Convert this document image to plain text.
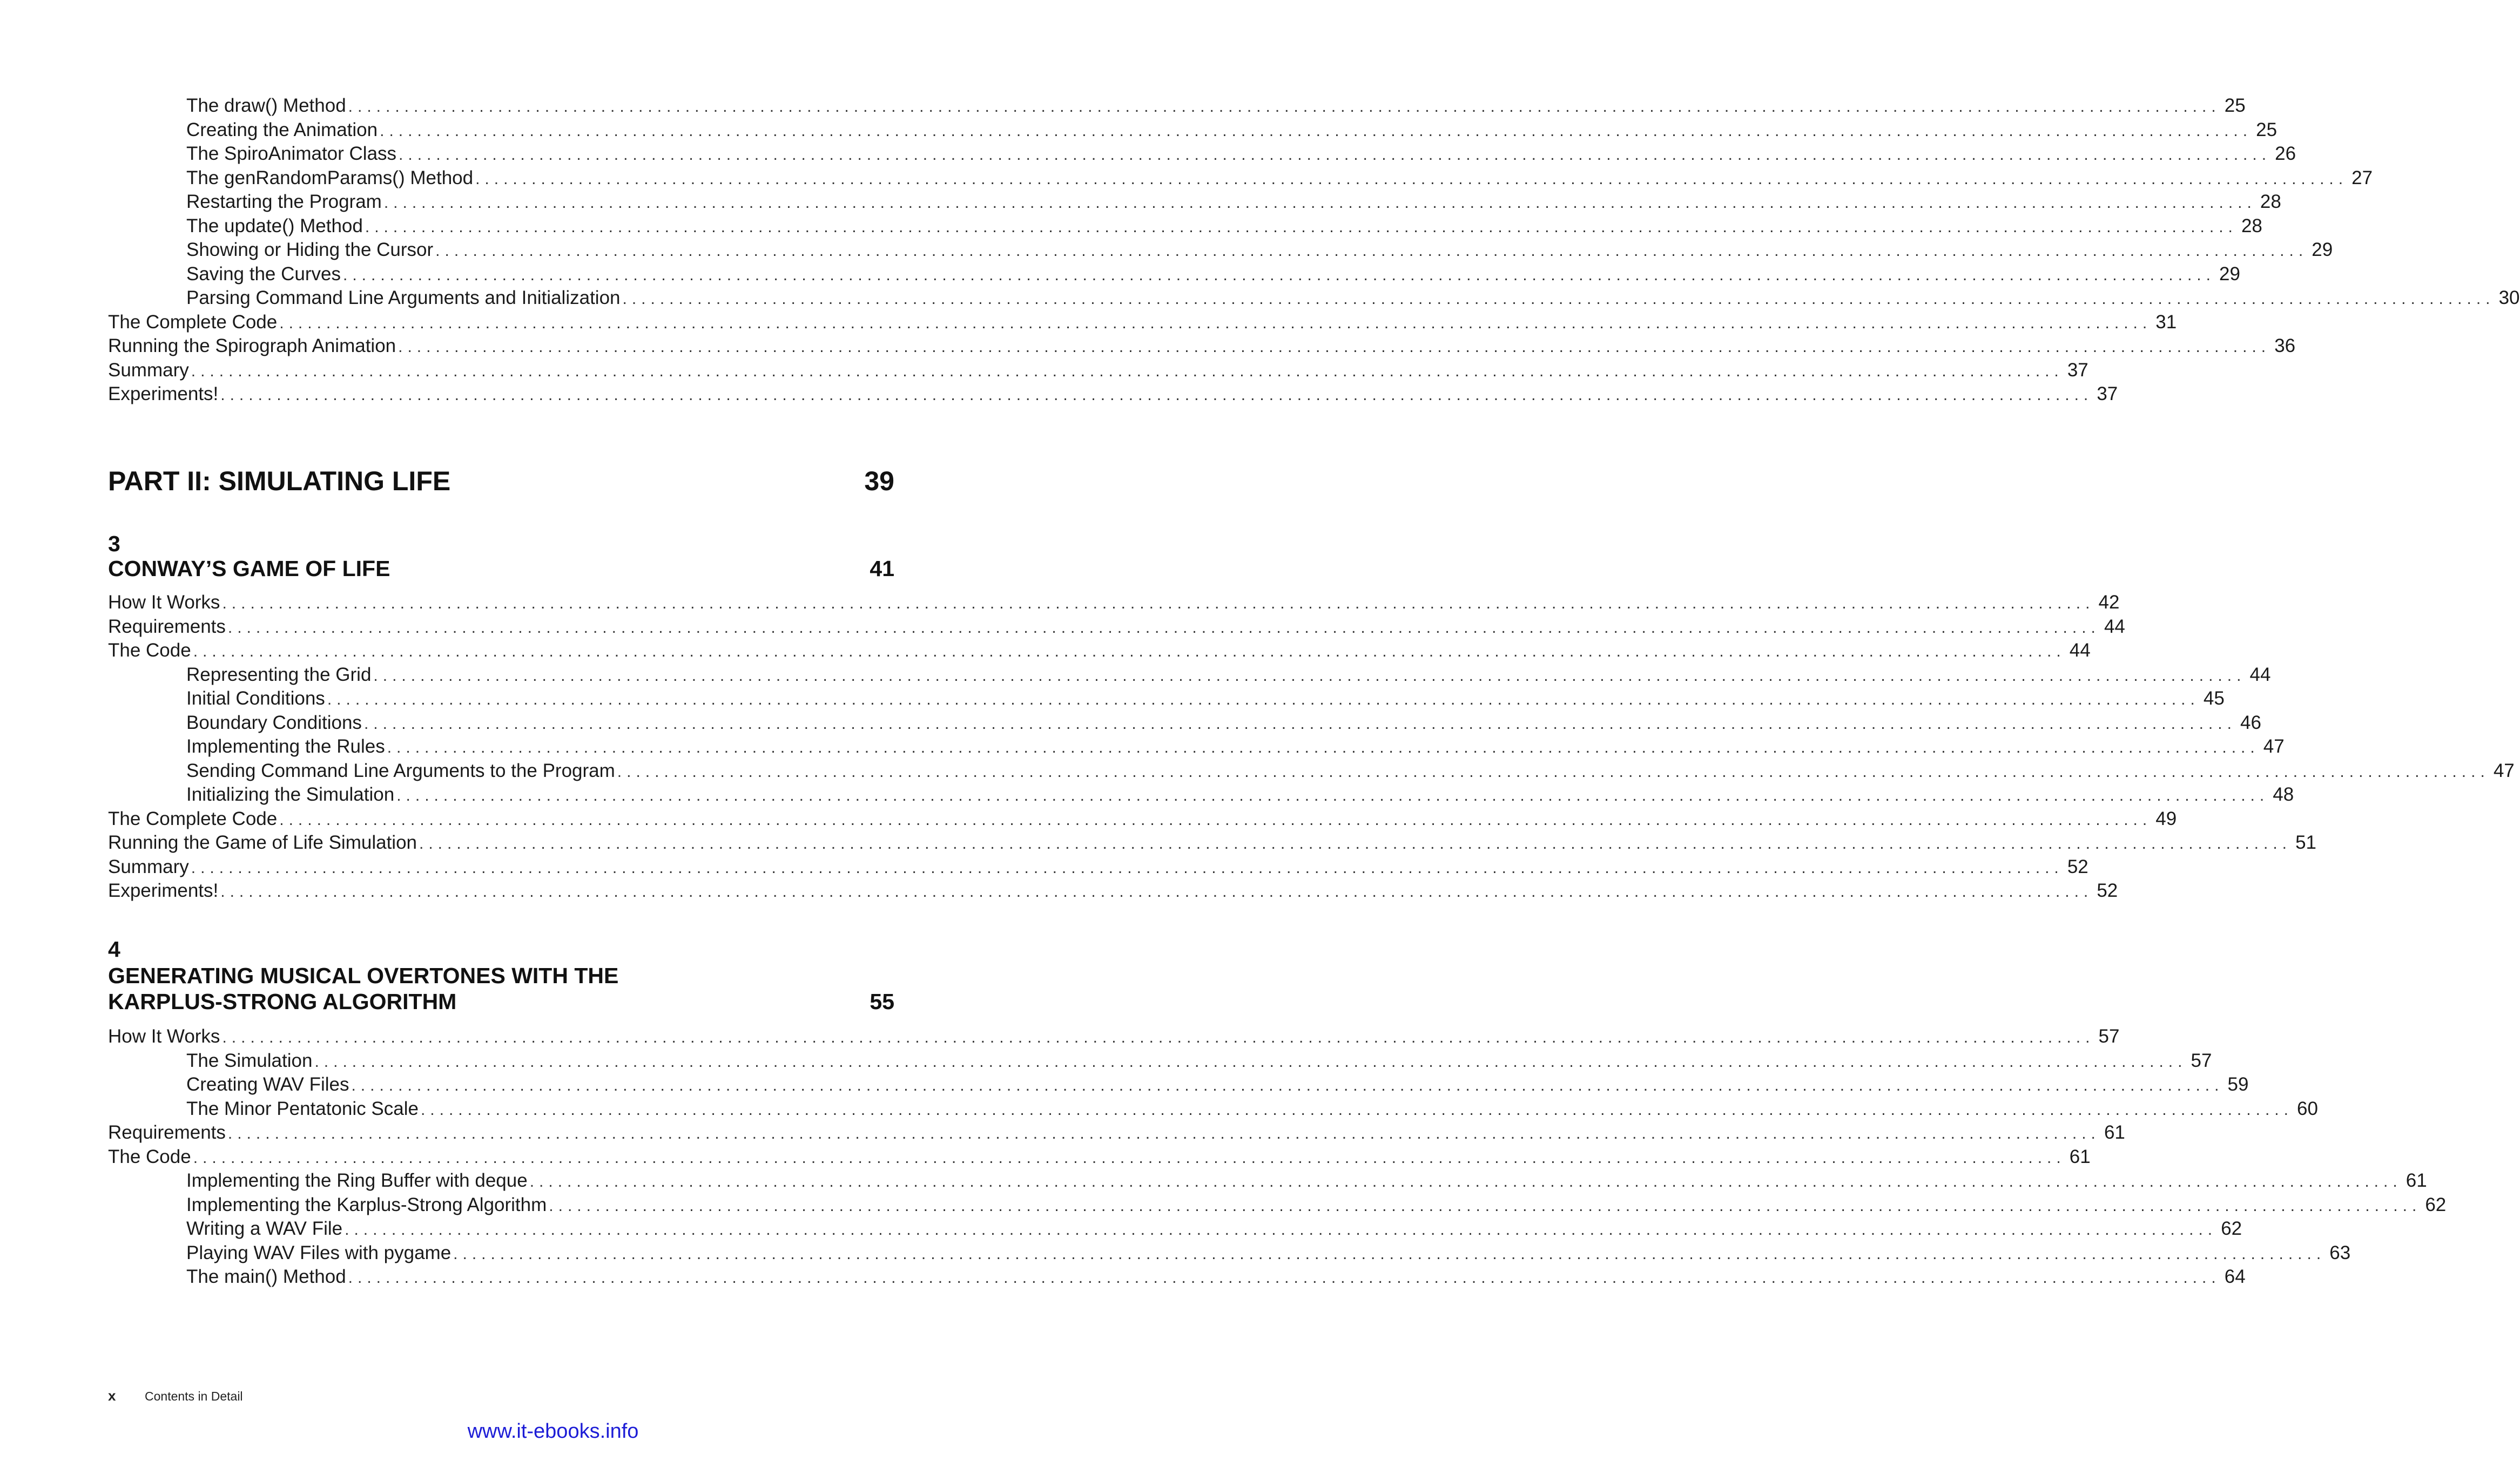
The draw() Method ........................................................................................................................................................................................................ 25
Creating the Animation ........................................................................................................................................................................................................ 25
The SpiroAnimator Class ........................................................................................................................................................................................................ 26
The genRandomParams() Method ........................................................................................................................................................................................................ 27
Restarting the Program ........................................................................................................................................................................................................ 28
The update() Method ........................................................................................................................................................................................................ 28
Showing or Hiding the Cursor ........................................................................................................................................................................................................ 29
Saving the Curves ........................................................................................................................................................................................................ 29
Parsing Command Line Arguments and Initialization ........................................................................................................................................................................................................ 30
The Complete Code ........................................................................................................................................................................................................ 31
Running the Spirograph Animation ........................................................................................................................................................................................................ 36
Summary ........................................................................................................................................................................................................ 37
Experiments! ........................................................................................................................................................................................................ 37
PART II: SIMULATING LIFE	39
3
CONWAY’S GAME OF LIFE	41
How It Works ........................................................................................................................................................................................................ 42
Requirements ........................................................................................................................................................................................................ 44
The Code ........................................................................................................................................................................................................ 44
Representing the Grid ........................................................................................................................................................................................................ 44
Initial Conditions ........................................................................................................................................................................................................ 45
Boundary Conditions ........................................................................................................................................................................................................ 46
Implementing the Rules ........................................................................................................................................................................................................ 47
Sending Command Line Arguments to the Program ........................................................................................................................................................................................................ 47
Initializing the Simulation ........................................................................................................................................................................................................ 48
The Complete Code ........................................................................................................................................................................................................ 49
Running the Game of Life Simulation ........................................................................................................................................................................................................ 51
Summary ........................................................................................................................................................................................................ 52
Experiments! ........................................................................................................................................................................................................ 52
4
GENERATING MUSICAL OVERTONES WITH THE
KARPLUS-STRONG ALGORITHM	55
How It Works ........................................................................................................................................................................................................ 57
The Simulation ........................................................................................................................................................................................................ 57
Creating WAV Files ........................................................................................................................................................................................................ 59
The Minor Pentatonic Scale ........................................................................................................................................................................................................ 60
Requirements ........................................................................................................................................................................................................ 61
The Code ........................................................................................................................................................................................................ 61
Implementing the Ring Buffer with deque ........................................................................................................................................................................................................ 61
Implementing the Karplus-Strong Algorithm ........................................................................................................................................................................................................ 62
Writing a WAV File ........................................................................................................................................................................................................ 62
Playing WAV Files with pygame ........................................................................................................................................................................................................ 63
The main() Method ........................................................................................................................................................................................................ 64
x	Contents in Detail
www.it-ebooks.info
